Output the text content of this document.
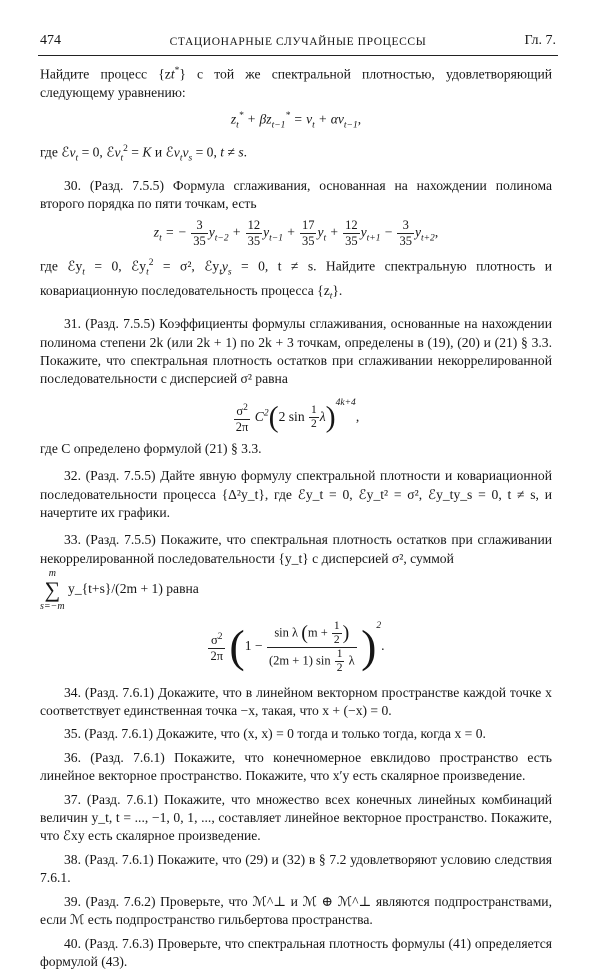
474	СТАЦИОНАРНЫЕ СЛУЧАЙНЫЕ ПРОЦЕССЫ	Гл. 7.

Найдите процесс {zt*} с той же спектральной плотностью, удовлетворяющий следующему уравнению:

$z_t^* + \beta z_{t-1}^* = v_t + \alpha v_{t-1}$,

где ℰv$_t$ = 0, ℰv$_t^2$ = K и $ℰv_tv_s = 0$, t ≠ s.

30. (Разд. 7.5.5) Формула сглаживания, основанная на нахождении полинома второго порядка по пяти точкам, есть

$z_t$ = − $\frac{3}{35} y_{t-2} + \frac{12}{35} y_{t-1} + \frac{17}{35} y_t + \frac{12}{35} y_{t+1} - \frac{3}{35} y_{t+2}$,

где ℰy$_t$ = 0, ℰy$_t^2$ = σ², $ℰy_ty_s = 0$, t ≠ s. Найдите спектральную плотность и ковариационную последовательность процесса $\{z_t\}$.

31. (Разд. 7.5.5) Коэффициенты формулы сглаживания, основанные на нахождении полинома степени 2k (или 2k + 1) по 2k + 3 точкам, определены в (19), (20) и (21) § 3.3. Покажите, что спектральная плотность остатков при сглаживании некоррелированной последовательности с дисперсией σ² равна

$\frac{\sigma^2}{2\pi} C^2(2$ $\sin \frac{1}{2} \lambda)^{4k+4}$,

где C определено формулой (21) § 3.3.

32. (Разд. 7.5.5) Дайте явную формулу спектральной плотности и ковариационной последовательности процесса {Δ²y_t}, где ℰy_t = 0, ℰy_t² = σ², ℰy_ty_s = 0, t ≠ s, и начертите их графики.

33. (Разд. 7.5.5) Покажите, что спектральная плотность остатков при сглаживании некоррелированной последовательности {y_t} с дисперсией σ², суммой

m
∑
s=−m y_{t+s}/(2m + 1) равна

$\frac{\sigma^2}{2\pi} (1 - \frac{\sin \lambda (m + \frac{1}{2} )}{(2m + 1) \sin \frac{1}{2} \lambda} )^2$.

34. (Разд. 7.6.1) Докажите, что в линейном векторном пространстве каждой точке x соответствует единственная точка −x, такая, что x + (−x) = 0.

35. (Разд. 7.6.1) Докажите, что (x, x) = 0 тогда и только тогда, когда x = 0.

36. (Разд. 7.6.1) Покажите, что конечномерное евклидово пространство есть линейное векторное пространство. Покажите, что x′y есть скалярное произведение.

37. (Разд. 7.6.1) Покажите, что множество всех конечных линейных комбинаций величин y_t, t = ..., −1, 0, 1, ..., составляет линейное векторное пространство. Покажите, что ℰxy есть скалярное произведение.

38. (Разд. 7.6.1) Покажите, что (29) и (32) в § 7.2 удовлетворяют условию следствия 7.6.1.

39. (Разд. 7.6.2) Проверьте, что ℳ^⊥ и ℳ ⊕ ℳ^⊥ являются подпространствами, если ℳ есть подпространство гильбертова пространства.

40. (Разд. 7.6.3) Проверьте, что спектральная плотность формулы (41) определяется формулой (43).
